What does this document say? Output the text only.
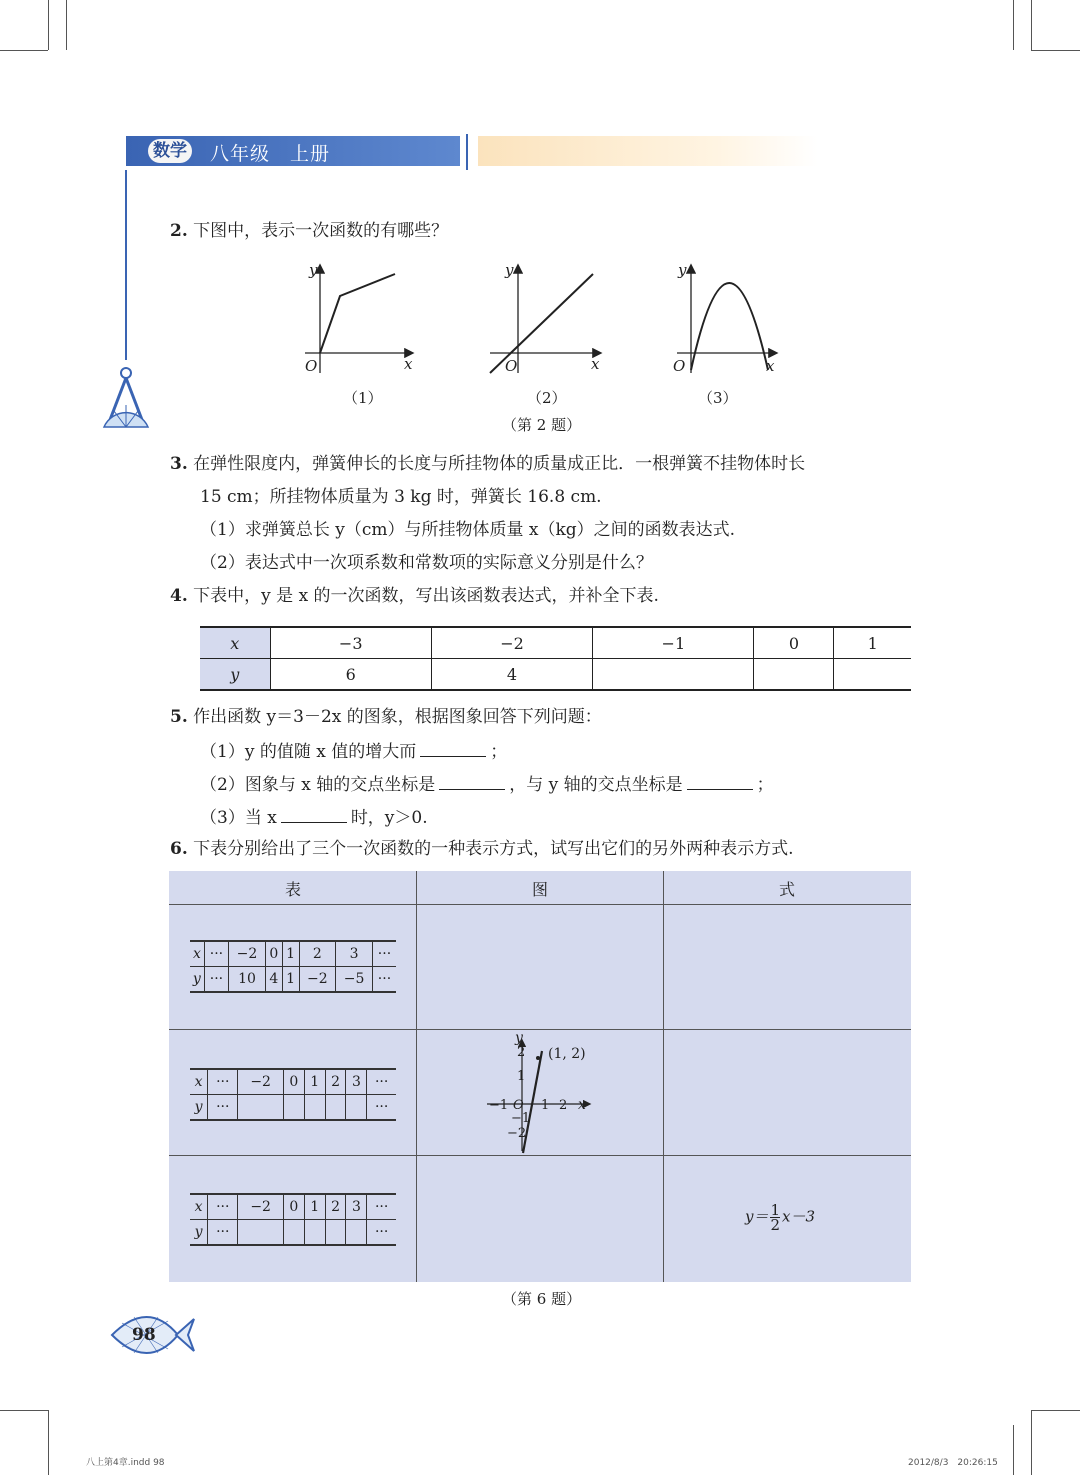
数学 八年级　上册
2. 下图中，表示一次函数的有哪些？
y
x
O
（1）
y
x
O
（2）
y
x
O
（3）
（第 2 题）
3. 在弹性限度内，弹簧伸长的长度与所挂物体的质量成正比．一根弹簧不挂物体时长
15 cm；所挂物体质量为 3 kg 时，弹簧长 16.8 cm.
（1）求弹簧总长 y（cm）与所挂物体质量 x（kg）之间的函数表达式.
（2）表达式中一次项系数和常数项的实际意义分别是什么？
4. 下表中，y 是 x 的一次函数，写出该函数表达式，并补全下表.
x	−3	−2	−1	0	1
y	6	4			
5. 作出函数 y＝3－2x 的图象，根据图象回答下列问题：
（1）y 的值随 x 值的增大而	；
（2）图象与 x 轴的交点坐标是	，与 y 轴的交点坐标是	；
（3）当 x	时，y＞0.
6. 下表分别给出了三个一次函数的一种表示方式，试写出它们的另外两种表示方式.
表	图	式
x	···	−2	0	1	2	3	···
y	···	10	4	1	−2	−5	···
x	···	−2	0	1	2	3	···
y	···						···
(1, 2)
y
x
2
1
−1
−2
−1 O 1 2
x	···	−2	0	1	2	3	···
y	···						···
$y= \frac{1}{2} x-3$
（第 6 题）
98
八上第4章.indd 98	2012/8/3　20:26:15
